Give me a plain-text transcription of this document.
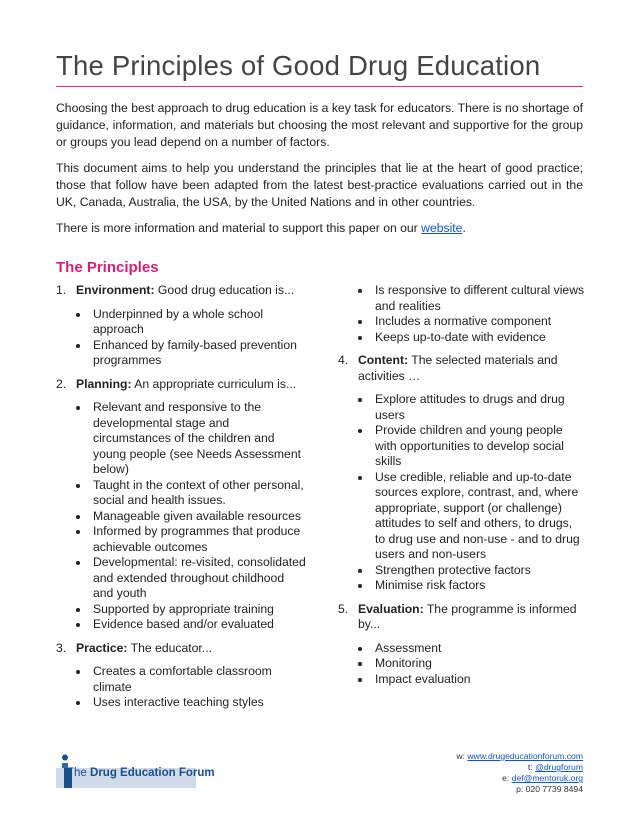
The Principles of Good Drug Education

Choosing the best approach to drug education is a key task for educators. There is no shortage of guidance, information, and materials but choosing the most relevant and supportive for the group or groups you lead depend on a number of factors.

This document aims to help you understand the principles that lie at the heart of good practice; those that follow have been adapted from the latest best-practice evaluations carried out in the UK, Canada, Australia, the USA, by the United Nations and in other countries.

There is more information and material to support this paper on our website.

The Principles
1. Environment: Good drug education is...
Underpinned by a whole school approach
Enhanced by family-based prevention programmes
2. Planning: An appropriate curriculum is...
Relevant and responsive to the developmental stage and circumstances of the children and young people (see Needs Assessment below)
Taught in the context of other personal, social and health issues.
Manageable given available resources
Informed by programmes that produce achievable outcomes
Developmental: re-visited, consolidated and extended throughout childhood and youth
Supported by appropriate training
Evidence based and/or evaluated
3. Practice: The educator...
Creates a comfortable classroom climate
Uses interactive teaching styles
Is responsive to different cultural views and realities
Includes a normative component
Keeps up-to-date with evidence
4. Content: The selected materials and activities …
Explore attitudes to drugs and drug users
Provide children and young people with opportunities to develop social skills
Use credible, reliable and up-to-date sources explore, contrast, and, where appropriate, support (or challenge) attitudes to self and others, to drugs, to drug use and non-use - and to drug users and non-users
Strengthen protective factors
Minimise risk factors
5. Evaluation: The programme is informed by...
Assessment
Monitoring
Impact evaluation
The Drug Education Forum
w: www.drugeducationforum.com
t: @drugforum
e: def@mentoruk.org
p: 020 7739 8494
